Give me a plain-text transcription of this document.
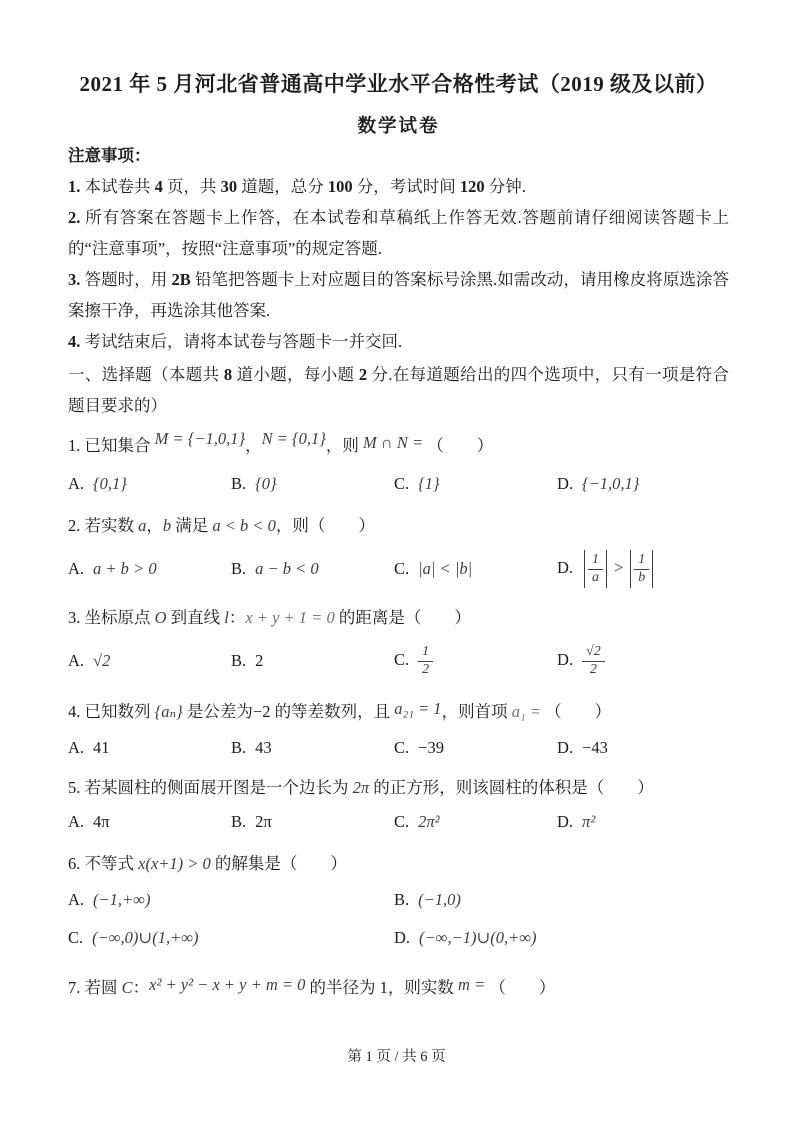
2021 年 5 月河北省普通高中学业水平合格性考试（2019 级及以前）
数学试卷

注意事项：

1. 本试卷共 4 页，共 30 道题，总分 100 分，考试时间 120 分钟.

2. 所有答案在答题卡上作答，在本试卷和草稿纸上作答无效.答题前请仔细阅读答题卡上的“注意事项”，按照“注意事项”的规定答题.

3. 答题时，用 2B 铅笔把答题卡上对应题目的答案标号涂黑.如需改动，请用橡皮将原选涂答案擦干净，再选涂其他答案.

4. 考试结束后，请将本试卷与答题卡一并交回.

一、选择题（本题共 8 道小题，每小题 2 分.在每道题给出的四个选项中，只有一项是符合题目要求的）

1. 已知集合 M = {−1,0,1}，N = {0,1}，则 M ∩ N = （　　）

A. {0,1}	B. {0}	C. {1}	D. {−1,0,1}

2. 若实数 a，b 满足 a < b < 0，则（　　）

A. a + b > 0	B. a − b < 0	C. |a| < |b|	D. $\frac{1}{a} > \frac{1}{b}$

3. 坐标原点 O 到直线 l：x + y + 1 = 0 的距离是（　　）

A. √2	B. 2	C. $\frac{1}{2}$	D. $\frac{√2}{2}$

4. 已知数列 {aₙ} 是公差为−2 的等差数列，且 a₂₁ = 1，则首项 a₁ = （　　）

A. 41	B. 43	C. −39	D. −43

5. 若某圆柱的侧面展开图是一个边长为 2π 的正方形，则该圆柱的体积是（　　）

A. 4π	B. 2π	C. 2π²	D. π²

6. 不等式 x(x+1) > 0 的解集是（　　）

A. (−1,+∞)	B. (−1,0)
C. (−∞,0)∪(1,+∞)	D. (−∞,−1)∪(0,+∞)

7. 若圆 C：x² + y² − x + y + m = 0 的半径为 1，则实数 m = （　　）

第 1 页 / 共 6 页
